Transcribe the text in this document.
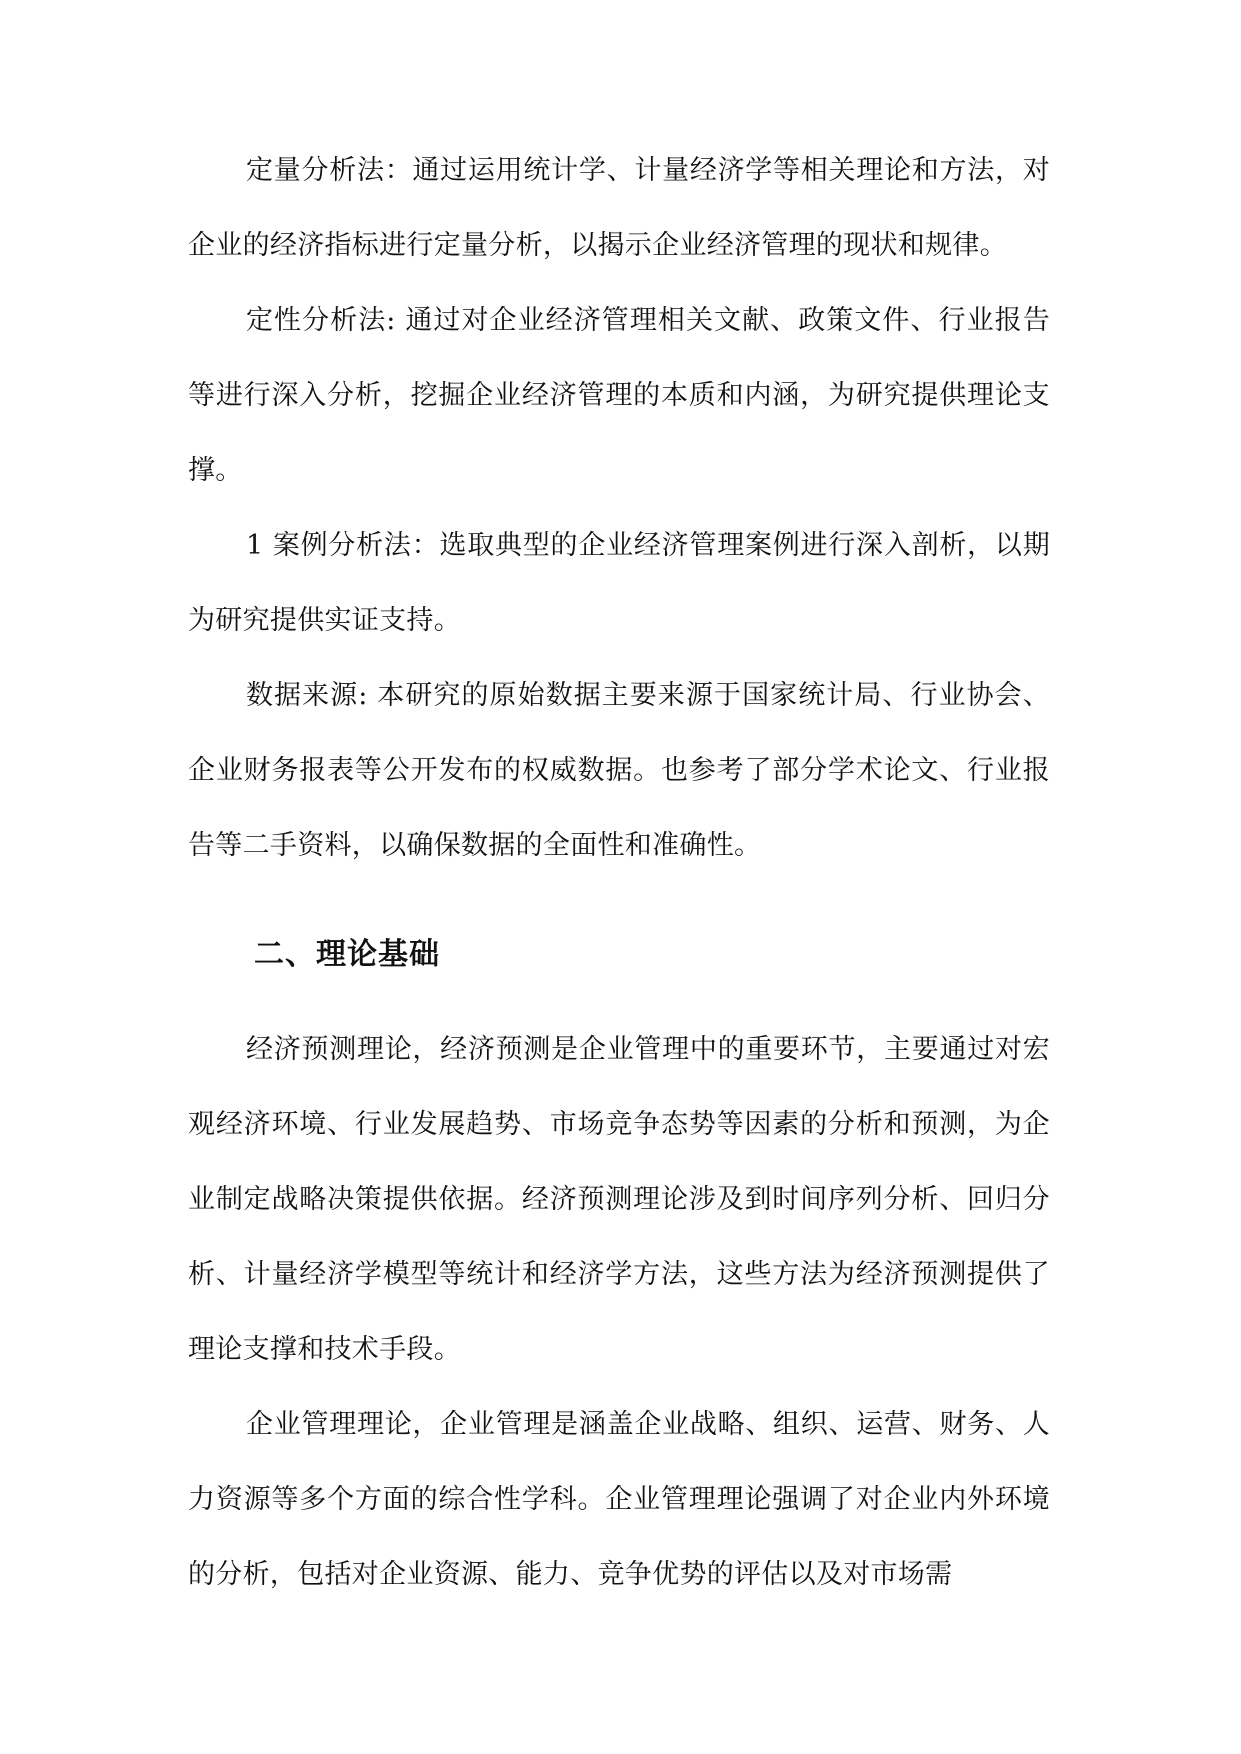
定量分析法：通过运用统计学、计量经济学等相关理论和方法，对企业的经济指标进行定量分析，以揭示企业经济管理的现状和规律。

定性分析法: 通过对企业经济管理相关文献、政策文件、行业报告等进行深入分析，挖掘企业经济管理的本质和内涵，为研究提供理论支撑。

1 案例分析法：选取典型的企业经济管理案例进行深入剖析，以期为研究提供实证支持。

数据来源: 本研究的原始数据主要来源于国家统计局、行业协会、企业财务报表等公开发布的权威数据。也参考了部分学术论文、行业报告等二手资料，以确保数据的全面性和准确性。

二、理论基础

经济预测理论，经济预测是企业管理中的重要环节，主要通过对宏观经济环境、行业发展趋势、市场竞争态势等因素的分析和预测，为企业制定战略决策提供依据。经济预测理论涉及到时间序列分析、回归分析、计量经济学模型等统计和经济学方法，这些方法为经济预测提供了理论支撑和技术手段。

企业管理理论，企业管理是涵盖企业战略、组织、运营、财务、人力资源等多个方面的综合性学科。企业管理理论强调了对企业内外环境的分析，包括对企业资源、能力、竞争优势的评估以及对市场需
